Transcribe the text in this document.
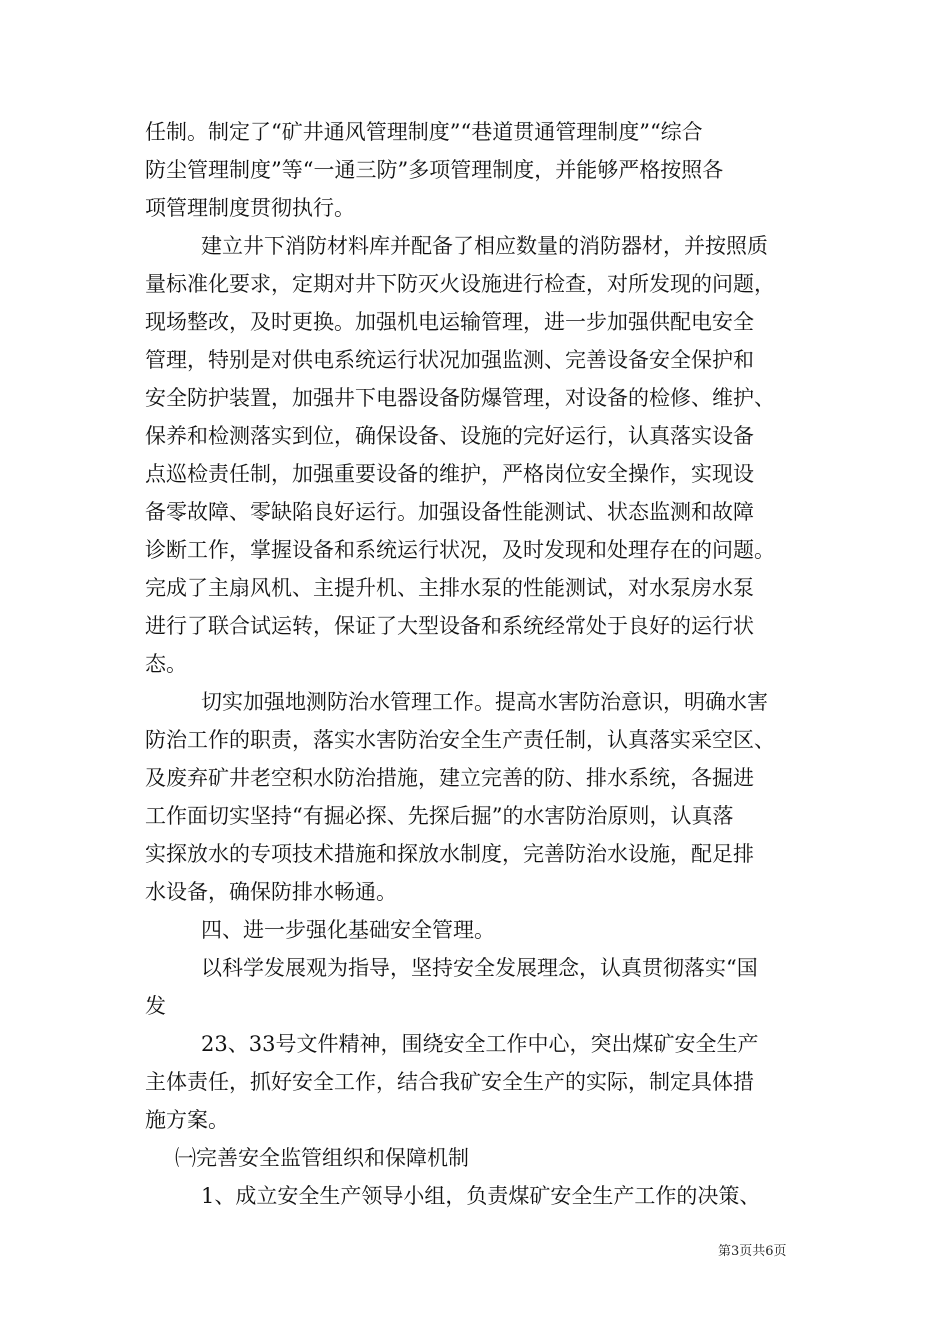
任制。制定了“矿井通风管理制度”“巷道贯通管理制度”“综合
防尘管理制度”等“一通三防”多项管理制度，并能够严格按照各
项管理制度贯彻执行。
建立井下消防材料库并配备了相应数量的消防器材，并按照质
量标准化要求，定期对井下防灭火设施进行检查，对所发现的问题，
现场整改，及时更换。加强机电运输管理，进一步加强供配电安全
管理，特别是对供电系统运行状况加强监测、完善设备安全保护和
安全防护装置，加强井下电器设备防爆管理，对设备的检修、维护、
保养和检测落实到位，确保设备、设施的完好运行，认真落实设备
点巡检责任制，加强重要设备的维护，严格岗位安全操作，实现设
备零故障、零缺陷良好运行。加强设备性能测试、状态监测和故障
诊断工作，掌握设备和系统运行状况，及时发现和处理存在的问题。
完成了主扇风机、主提升机、主排水泵的性能测试，对水泵房水泵
进行了联合试运转，保证了大型设备和系统经常处于良好的运行状
态。
切实加强地测防治水管理工作。提高水害防治意识，明确水害
防治工作的职责，落实水害防治安全生产责任制，认真落实采空区、
及废弃矿井老空积水防治措施，建立完善的防、排水系统，各掘进
工作面切实坚持“有掘必探、先探后掘”的水害防治原则，认真落
实探放水的专项技术措施和探放水制度，完善防治水设施，配足排
水设备，确保防排水畅通。
四、进一步强化基础安全管理。
以科学发展观为指导，坚持安全发展理念，认真贯彻落实“国
发
23、33号文件精神，围绕安全工作中心，突出煤矿安全生产
主体责任，抓好安全工作，结合我矿安全生产的实际，制定具体措
施方案。
㈠完善安全监管组织和保障机制
1、成立安全生产领导小组，负责煤矿安全生产工作的决策、
第3页共6页
